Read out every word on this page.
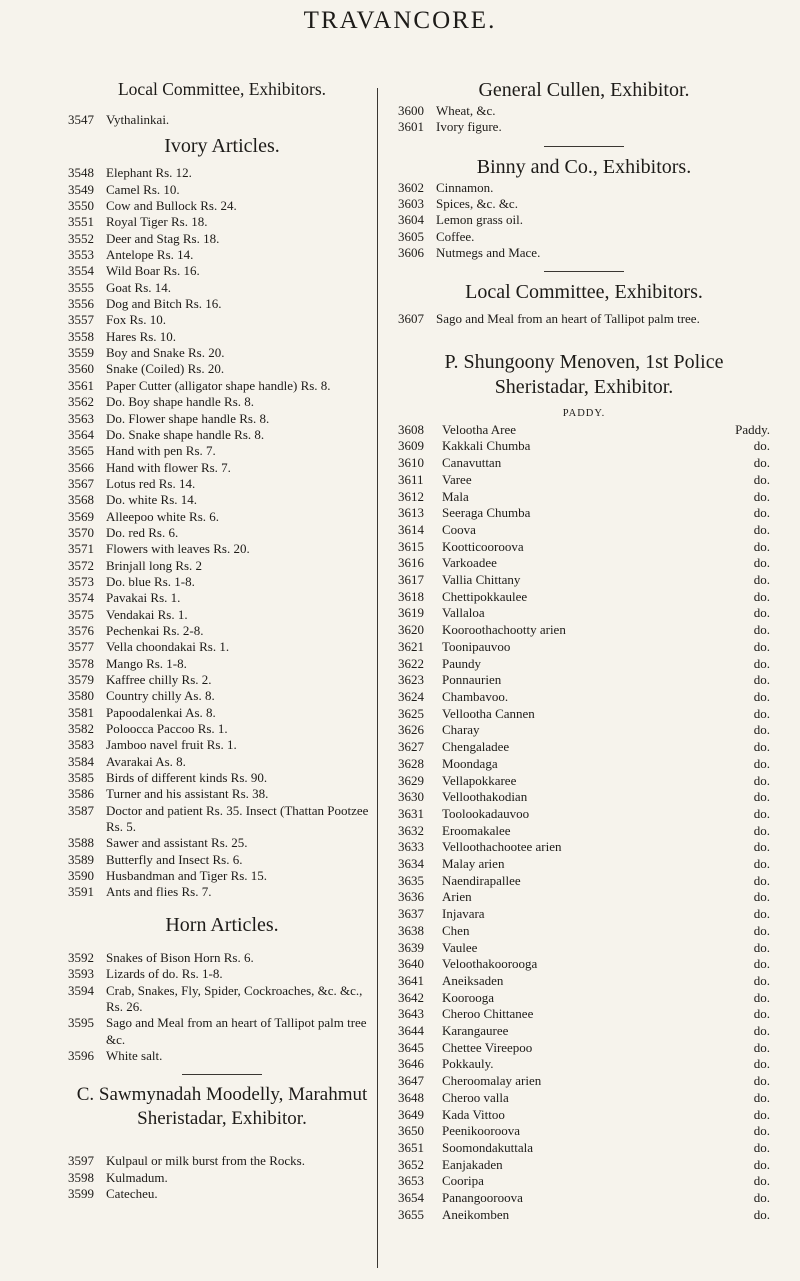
TRAVANCORE.

Local Committee, Exhibitors.

3547 Vythalinkai.

Ivory Articles.

3548 Elephant Rs. 12.
3549 Camel Rs. 10.
3550 Cow and Bullock Rs. 24.
3551 Royal Tiger Rs. 18.
3552 Deer and Stag Rs. 18.
3553 Antelope Rs. 14.
3554 Wild Boar Rs. 16.
3555 Goat Rs. 14.
3556 Dog and Bitch Rs. 16.
3557 Fox Rs. 10.
3558 Hares Rs. 10.
3559 Boy and Snake Rs. 20.
3560 Snake (Coiled) Rs. 20.
3561 Paper Cutter (alligator shape handle) Rs. 8.
3562 Do. Boy shape handle Rs. 8.
3563 Do. Flower shape handle Rs. 8.
3564 Do. Snake shape handle Rs. 8.
3565 Hand with pen Rs. 7.
3566 Hand with flower Rs. 7.
3567 Lotus red Rs. 14.
3568 Do. white Rs. 14.
3569 Alleepoo white Rs. 6.
3570 Do. red Rs. 6.
3571 Flowers with leaves Rs. 20.
3572 Brinjall long Rs. 2
3573 Do. blue Rs. 1-8.
3574 Pavakai Rs. 1.
3575 Vendakai Rs. 1.
3576 Pechenkai Rs. 2-8.
3577 Vella choondakai Rs. 1.
3578 Mango Rs. 1-8.
3579 Kaffree chilly Rs. 2.
3580 Country chilly As. 8.
3581 Papoodalenkai As. 8.
3582 Poloocca Paccoo Rs. 1.
3583 Jamboo navel fruit Rs. 1.
3584 Avarakai As. 8.
3585 Birds of different kinds Rs. 90.
3586 Turner and his assistant Rs. 38.
3587 Doctor and patient Rs. 35. Insect (Thattan Pootzee Rs. 5.
3588 Sawer and assistant Rs. 25.
3589 Butterfly and Insect Rs. 6.
3590 Husbandman and Tiger Rs. 15.
3591 Ants and flies Rs. 7.

Horn Articles.

3592 Snakes of Bison Horn Rs. 6.
3593 Lizards of do. Rs. 1-8.
3594 Crab, Snakes, Fly, Spider, Cockroaches, &c. &c., Rs. 26.
3595 Sago and Meal from an heart of Tallipot palm tree &c.
3596 White salt.

C. Sawmynadah Moodelly, Marahmut
Sheristadar, Exhibitor.

3597 Kulpaul or milk burst from the Rocks.
3598 Kulmadum.
3599 Catecheu.

General Cullen, Exhibitor.

3600 Wheat, &c.
3601 Ivory figure.

Binny and Co., Exhibitors.

3602 Cinnamon.
3603 Spices, &c. &c.
3604 Lemon grass oil.
3605 Coffee.
3606 Nutmegs and Mace.

Local Committee, Exhibitors.

3607 Sago and Meal from an heart of Tallipot palm tree.

P. Shungoony Menoven, 1st Police
Sheristadar, Exhibitor.

PADDY.

3608	Velootha Aree	Paddy.
3609	Kakkali Chumba	do.
3610	Canavuttan	do.
3611	Varee	do.
3612	Mala	do.
3613	Seeraga Chumba	do.
3614	Coova	do.
3615	Kootticooroova	do.
3616	Varkoadee	do.
3617	Vallia Chittany	do.
3618	Chettipokkaulee	do.
3619	Vallaloa	do.
3620	Kooroothachootty arien	do.
3621	Toonipauvoo	do.
3622	Paundy	do.
3623	Ponnaurien	do.
3624	Chambavoo.	do.
3625	Vellootha Cannen	do.
3626	Charay	do.
3627	Chengaladee	do.
3628	Moondaga	do.
3629	Vellapokkaree	do.
3630	Velloothakodian	do.
3631	Toolookadauvoo	do.
3632	Eroomakalee	do.
3633	Velloothachootee arien	do.
3634	Malay arien	do.
3635	Naendirapallee	do.
3636	Arien	do.
3637	Injavara	do.
3638	Chen	do.
3639	Vaulee	do.
3640	Veloothakoorooga	do.
3641	Aneiksaden	do.
3642	Koorooga	do.
3643	Cheroo Chittanee	do.
3644	Karangauree	do.
3645	Chettee Vireepoo	do.
3646	Pokkauly.	do.
3647	Cheroomalay arien	do.
3648	Cheroo valla	do.
3649	Kada Vittoo	do.
3650	Peenikooroova	do.
3651	Soomondakuttala	do.
3652	Eanjakaden	do.
3653	Cooripa	do.
3654	Panangooroova	do.
3655	Aneikomben	do.
